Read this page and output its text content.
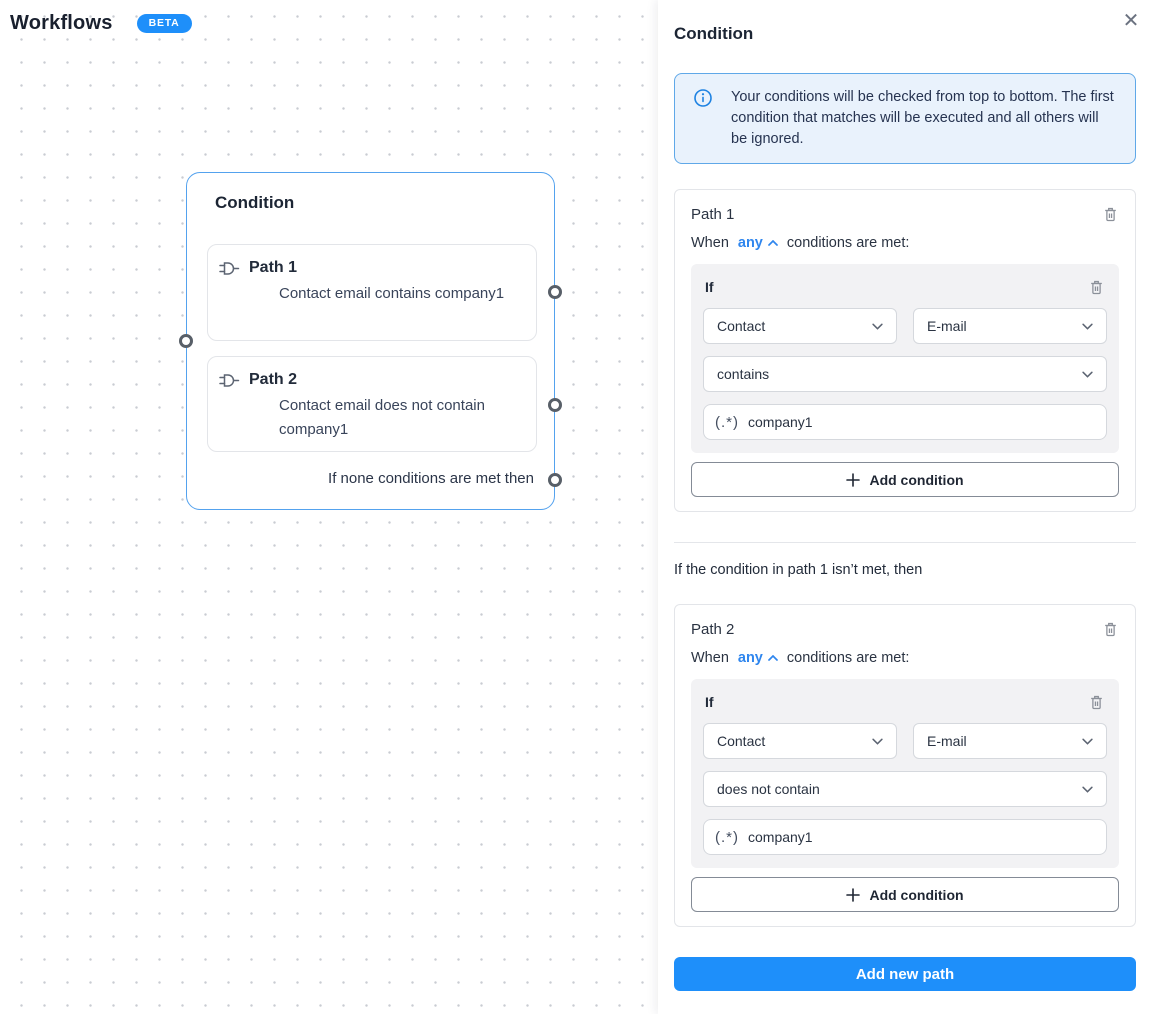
Workflows	BETA
Condition
Path 1
Contact email contains company1
Path 2
Contact email does not contain company1
If none conditions are met then
Condition
✕
Your conditions will be checked from top to bottom. The first condition that matches will be executed and all others will be ignored.
Path 1
When any conditions are met:
If
Contact	E-mail
contains
(.*)
company1
Add condition
If the condition in path 1 isn’t met, then
Path 2
When any conditions are met:
If
Contact	E-mail
does not contain
(.*)
company1
Add condition
Add new path
